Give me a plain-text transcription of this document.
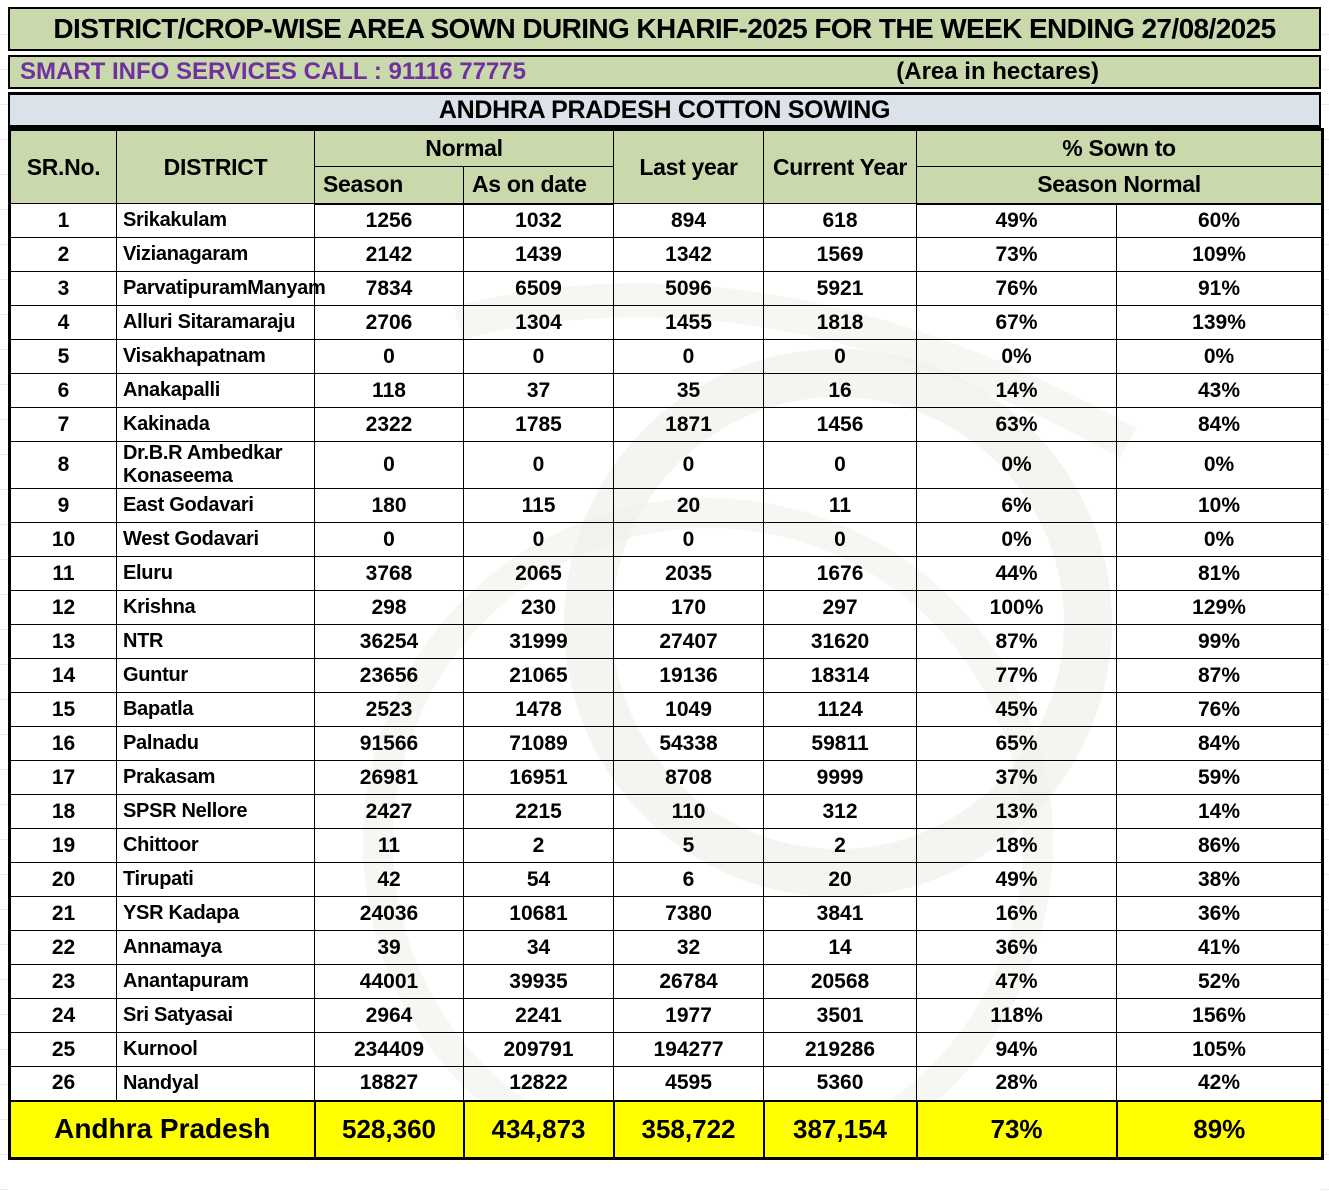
DISTRICT/CROP-WISE AREA SOWN DURING KHARIF-2025 FOR THE WEEK ENDING 27/08/2025
SMART INFO SERVICES CALL : 91116 77775	(Area in hectares)
ANDHRA PRADESH COTTON SOWING
SR.No.	DISTRICT	Normal		Last year	Current Year	% Sown to	
		Season	As on date			Season Normal	
1	Srikakulam	1256	1032	894	618	49%	60%
2	Vizianagaram	2142	1439	1342	1569	73%	109%
3	ParvatipuramManyam	7834	6509	5096	5921	76%	91%
4	Alluri Sitaramaraju	2706	1304	1455	1818	67%	139%
5	Visakhapatnam	0	0	0	0	0%	0%
6	Anakapalli	118	37	35	16	14%	43%
7	Kakinada	2322	1785	1871	1456	63%	84%
8	Dr.B.R Ambedkar Konaseema	0	0	0	0	0%	0%
9	East Godavari	180	115	20	11	6%	10%
10	West Godavari	0	0	0	0	0%	0%
11	Eluru	3768	2065	2035	1676	44%	81%
12	Krishna	298	230	170	297	100%	129%
13	NTR	36254	31999	27407	31620	87%	99%
14	Guntur	23656	21065	19136	18314	77%	87%
15	Bapatla	2523	1478	1049	1124	45%	76%
16	Palnadu	91566	71089	54338	59811	65%	84%
17	Prakasam	26981	16951	8708	9999	37%	59%
18	SPSR Nellore	2427	2215	110	312	13%	14%
19	Chittoor	11	2	5	2	18%	86%
20	Tirupati	42	54	6	20	49%	38%
21	YSR Kadapa	24036	10681	7380	3841	16%	36%
22	Annamaya	39	34	32	14	36%	41%
23	Anantapuram	44001	39935	26784	20568	47%	52%
24	Sri Satyasai	2964	2241	1977	3501	118%	156%
25	Kurnool	234409	209791	194277	219286	94%	105%
26	Nandyal	18827	12822	4595	5360	28%	42%
Andhra Pradesh		528,360	434,873	358,722	387,154	73%	89%
